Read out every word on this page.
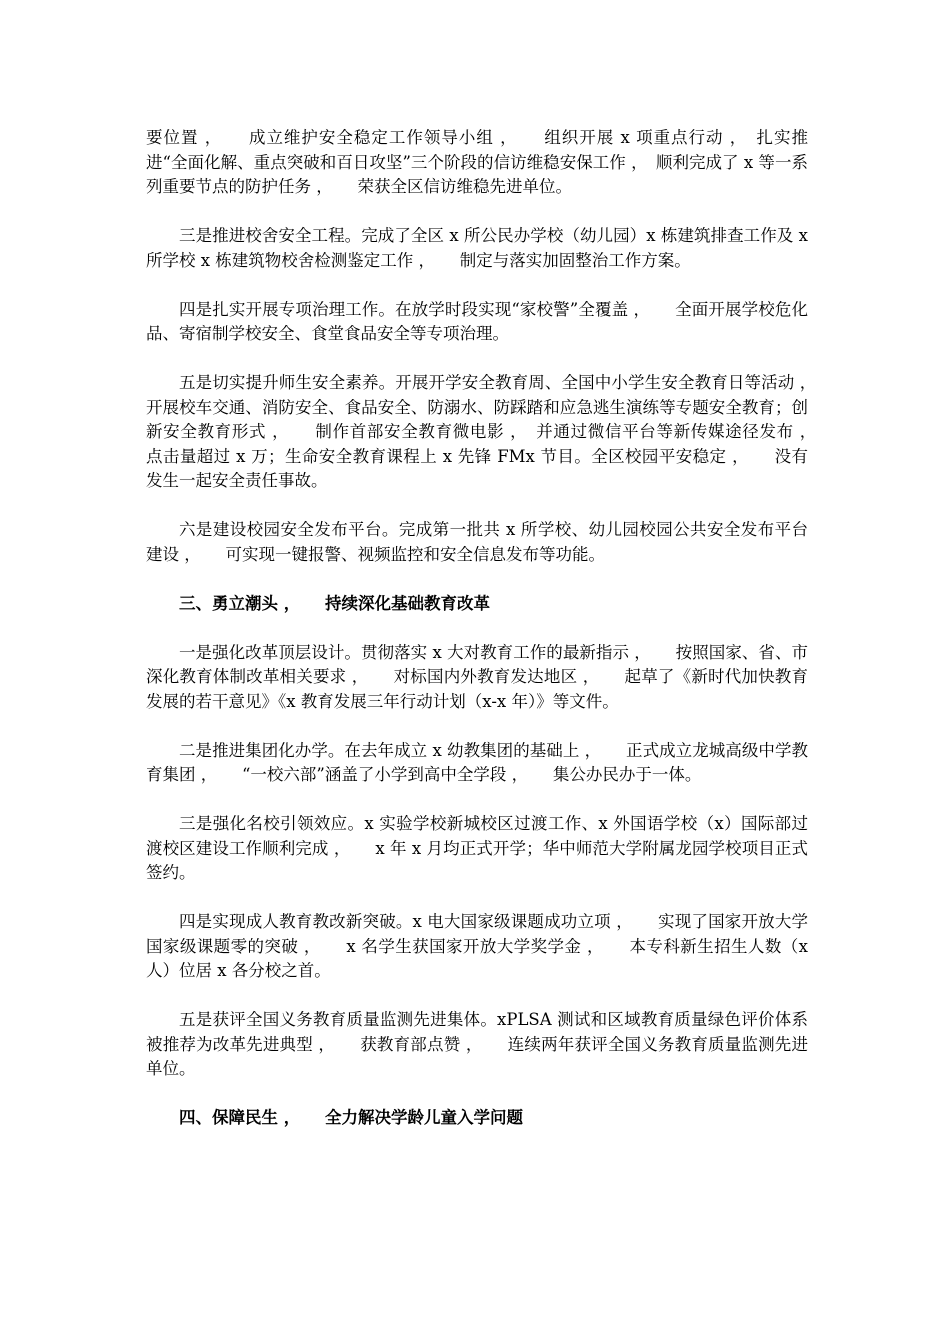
要位置 ，　　成立维护安全稳定工作领导小组 ，　　组织开展 x 项重点行动 ，　扎实推进“全面化解、重点突破和百日攻坚”三个阶段的信访维稳安保工作 ，　顺利完成了 x 等一系列重要节点的防护任务 ，　　荣获全区信访维稳先进单位。

三是推进校舍安全工程。完成了全区 x 所公民办学校（幼儿园）x 栋建筑排查工作及 x 所学校 x 栋建筑物校舍检测鉴定工作 ，　　制定与落实加固整治工作方案。

四是扎实开展专项治理工作。在放学时段实现“家校警”全覆盖 ，　　全面开展学校危化品、寄宿制学校安全、食堂食品安全等专项治理。

五是切实提升师生安全素养。开展开学安全教育周、全国中小学生安全教育日等活动 ，　　开展校车交通、消防安全、食品安全、防溺水、防踩踏和应急逃生演练等专题安全教育；创新安全教育形式 ，　　制作首部安全教育微电影 ，　并通过微信平台等新传媒途径发布 ，　　点击量超过 x 万；生命安全教育课程上 x 先锋 FMx 节目。全区校园平安稳定 ，　　没有发生一起安全责任事故。

六是建设校园安全发布平台。完成第一批共 x 所学校、幼儿园校园公共安全发布平台建设 ，　　可实现一键报警、视频监控和安全信息发布等功能。

三、勇立潮头 ，　　持续深化基础教育改革

一是强化改革顶层设计。贯彻落实 x 大对教育工作的最新指示 ，　　按照国家、省、市深化教育体制改革相关要求 ，　　对标国内外教育发达地区 ，　　起草了《新时代加快教育发展的若干意见》《x 教育发展三年行动计划（x-x 年）》等文件。

二是推进集团化办学。在去年成立 x 幼教集团的基础上 ，　　正式成立龙城高级中学教育集团 ，　　“一校六部”涵盖了小学到高中全学段 ，　　集公办民办于一体。

三是强化名校引领效应。x 实验学校新城校区过渡工作、x 外国语学校（x）国际部过渡校区建设工作顺利完成 ，　　x 年 x 月均正式开学；华中师范大学附属龙园学校项目正式签约。

四是实现成人教育教改新突破。x 电大国家级课题成功立项 ，　　实现了国家开放大学国家级课题零的突破 ，　　x 名学生获国家开放大学奖学金 ，　　本专科新生招生人数（x 人）位居 x 各分校之首。

五是获评全国义务教育质量监测先进集体。xPLSA 测试和区域教育质量绿色评价体系被推荐为改革先进典型 ，　　获教育部点赞 ，　　连续两年获评全国义务教育质量监测先进单位。

四、保障民生 ，　　全力解决学龄儿童入学问题
